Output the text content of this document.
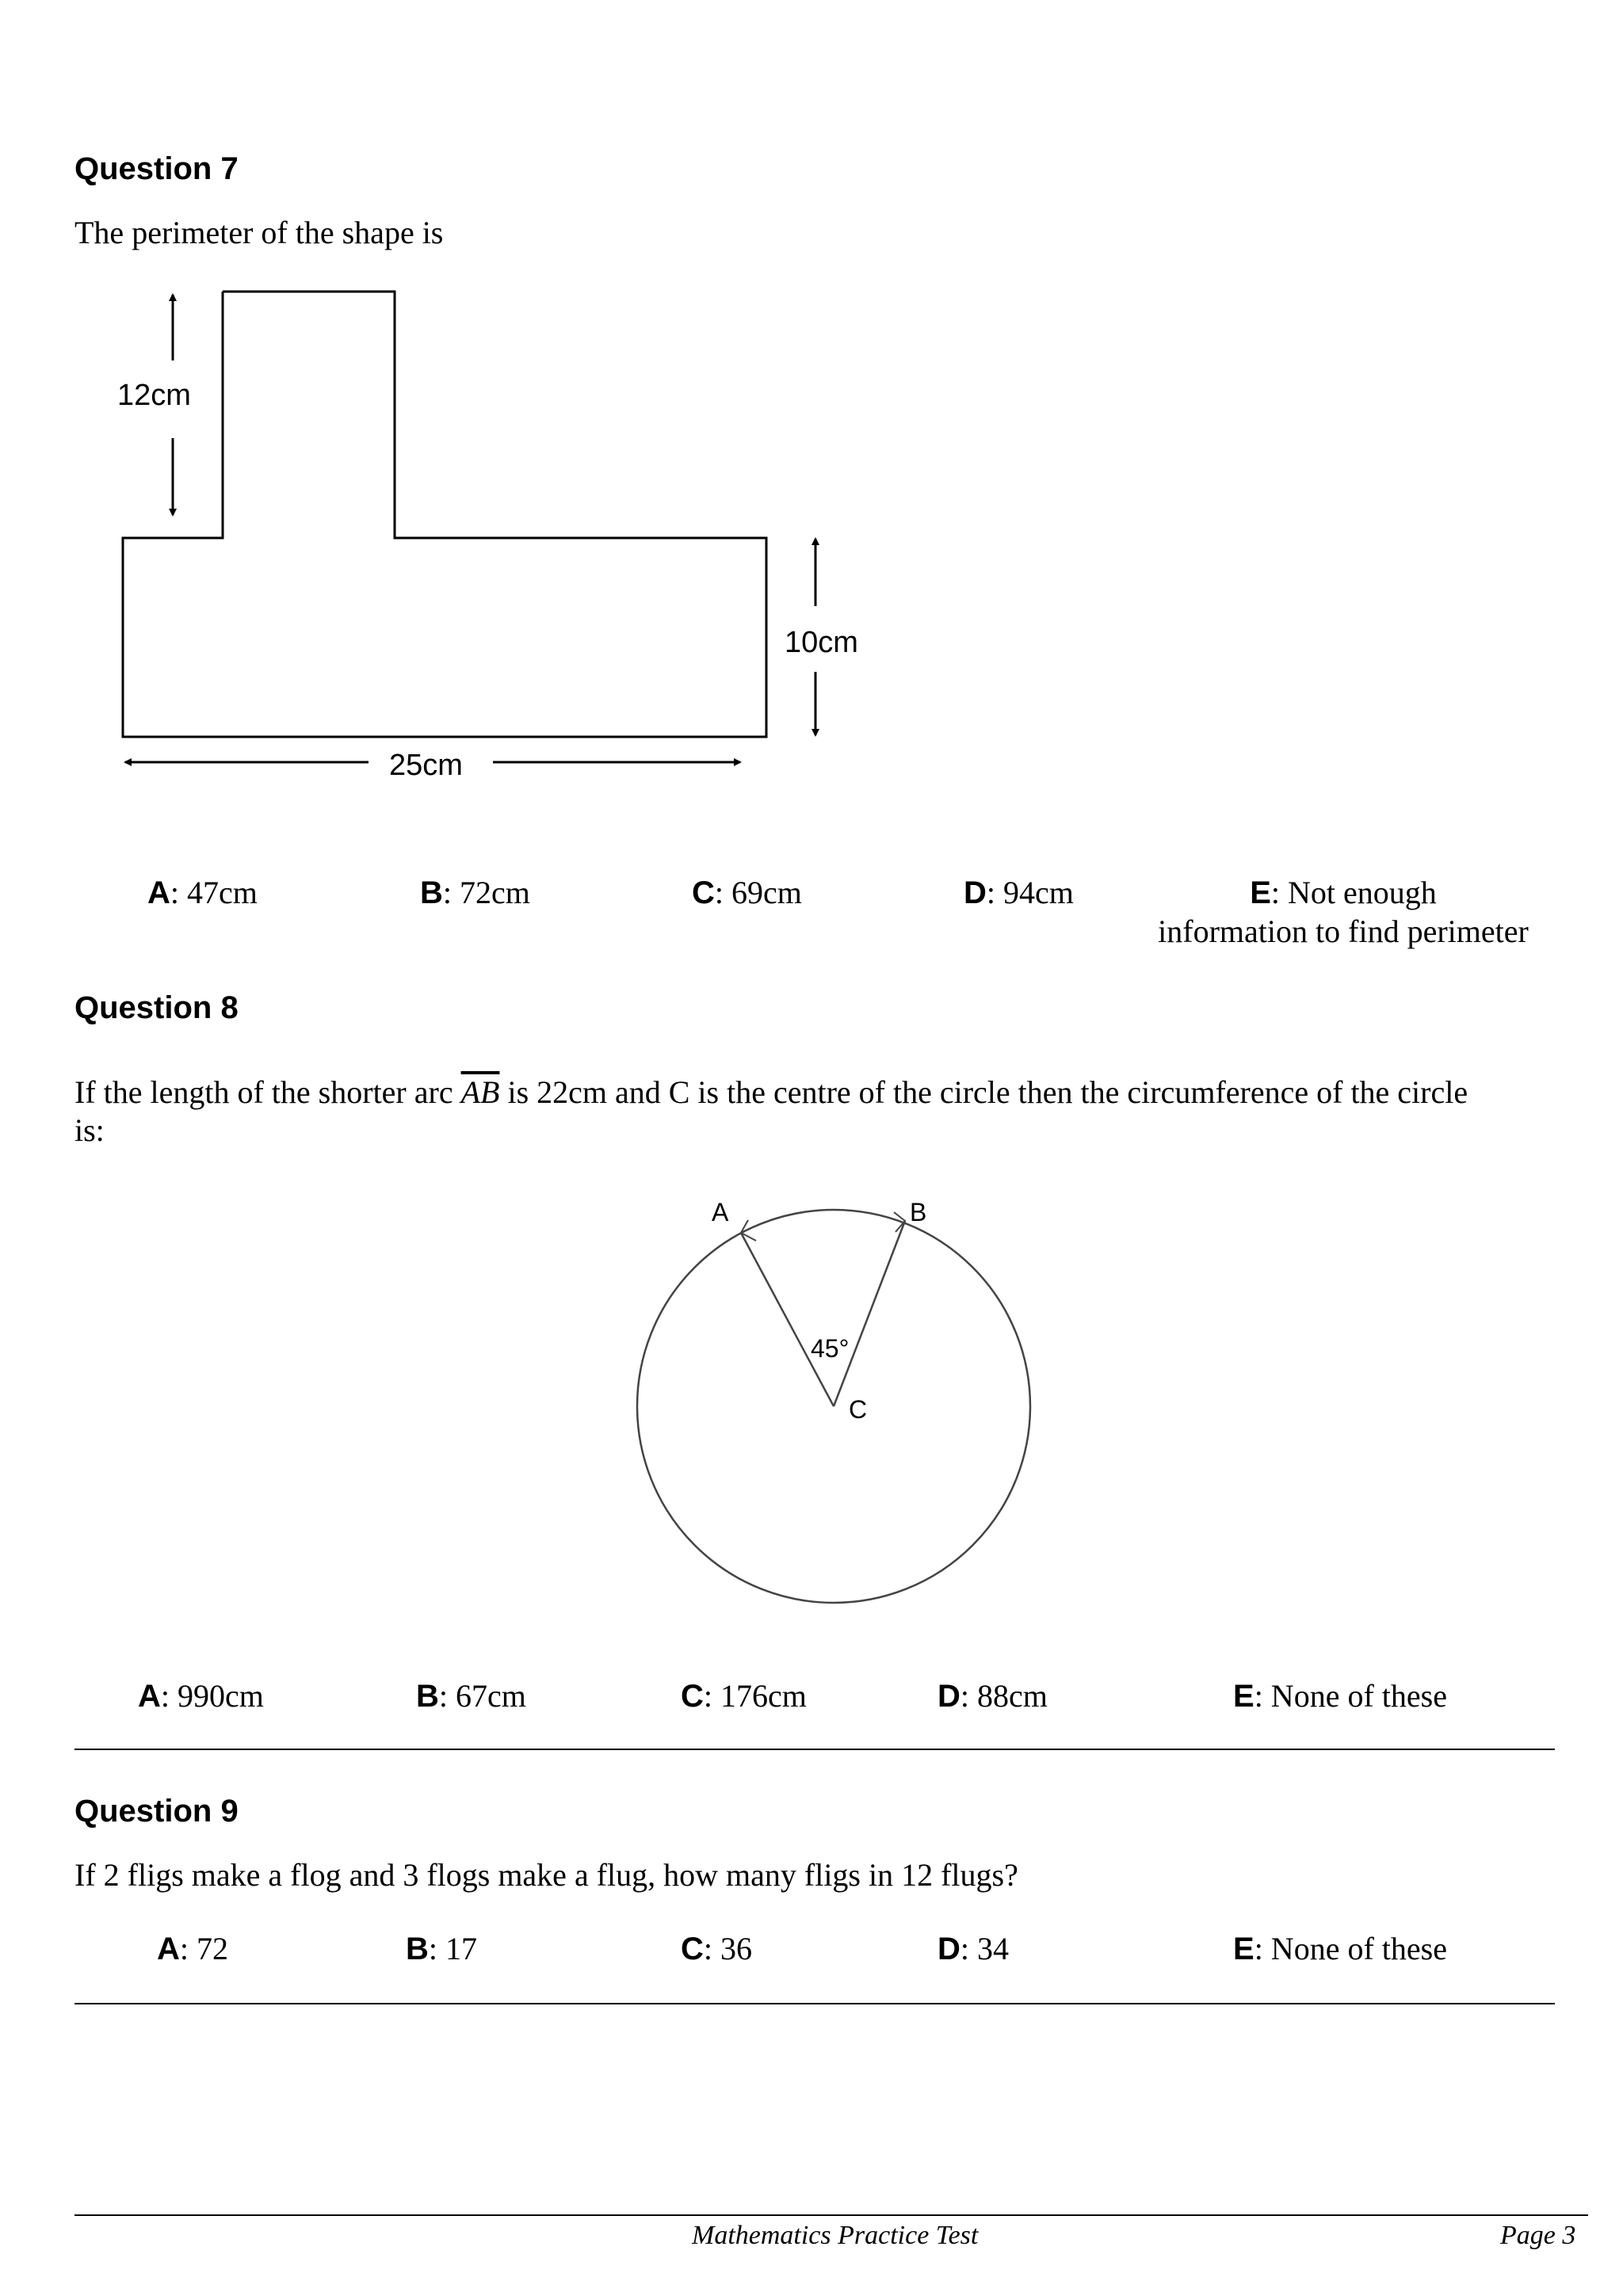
Question 7
The perimeter of the shape is
12cm
10cm
25cm
A: 47cm	B: 72cm	C: 69cm	D: 94cm	E: Not enough
information to find perimeter
Question 8
If the length of the shorter arc $\overline{AB}$ is 22cm and C is the centre of the circle then the circumference of the circle
is:
A	B
45°
C
A: 990cm	B: 67cm	C: 176cm	D: 88cm	E: None of these
Question 9
If 2 fligs make a flog and 3 flogs make a flug, how many fligs in 12 flugs?
A: 72	B: 17	C: 36	D: 34	E: None of these
Mathematics Practice Test	Page 3
